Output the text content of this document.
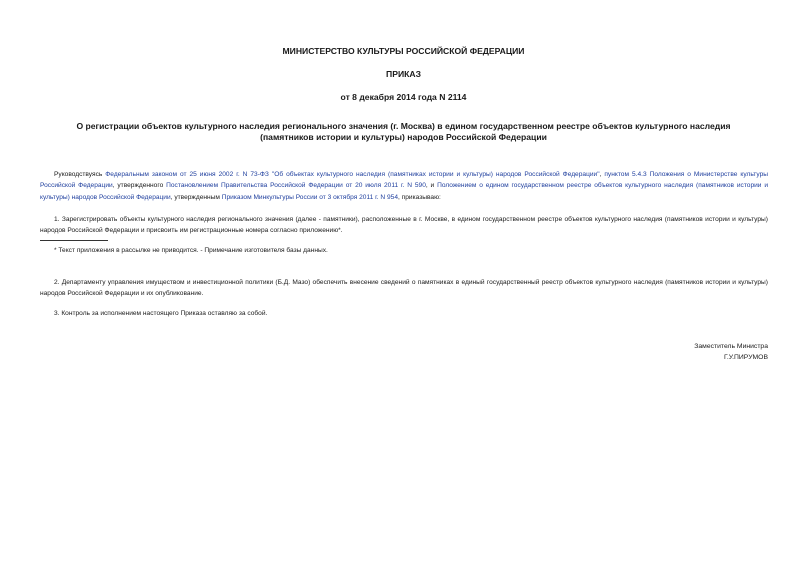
МИНИСТЕРСТВО КУЛЬТУРЫ РОССИЙСКОЙ ФЕДЕРАЦИИ
ПРИКАЗ
от 8 декабря 2014 года N 2114
О регистрации объектов культурного наследия регионального значения (г. Москва) в едином государственном реестре объектов культурного наследия
(памятников истории и культуры) народов Российской Федерации
Руководствуясь Федеральным законом от 25 июня 2002 г. N 73-ФЗ "Об объектах культурного наследия (памятниках истории и культуры) народов Российской Федерации", пунктом 5.4.3 Положения о Министерстве культуры Российской Федерации, утвержденного Постановлением Правительства Российской Федерации от 20 июля 2011 г. N 590, и Положением о едином государственном реестре объектов культурного наследия (памятников истории и культуры) народов Российской Федерации, утвержденным Приказом Минкультуры России от 3 октября 2011 г. N 954, приказываю:
1. Зарегистрировать объекты культурного наследия регионального значения (далее - памятники), расположенные в г. Москве, в едином государственном реестре объектов культурного наследия (памятников истории и культуры) народов Российской Федерации и присвоить им регистрационные номера согласно приложению*.
* Текст приложения в рассылке не приводится. - Примечание изготовителя базы данных.
2. Департаменту управления имуществом и инвестиционной политики (Б.Д. Мазо) обеспечить внесение сведений о памятниках в единый государственный реестр объектов культурного наследия (памятников истории и культуры) народов Российской Федерации и их опубликование.
3. Контроль за исполнением настоящего Приказа оставляю за собой.
Заместитель Министра
Г.У.ПИРУМОВ
